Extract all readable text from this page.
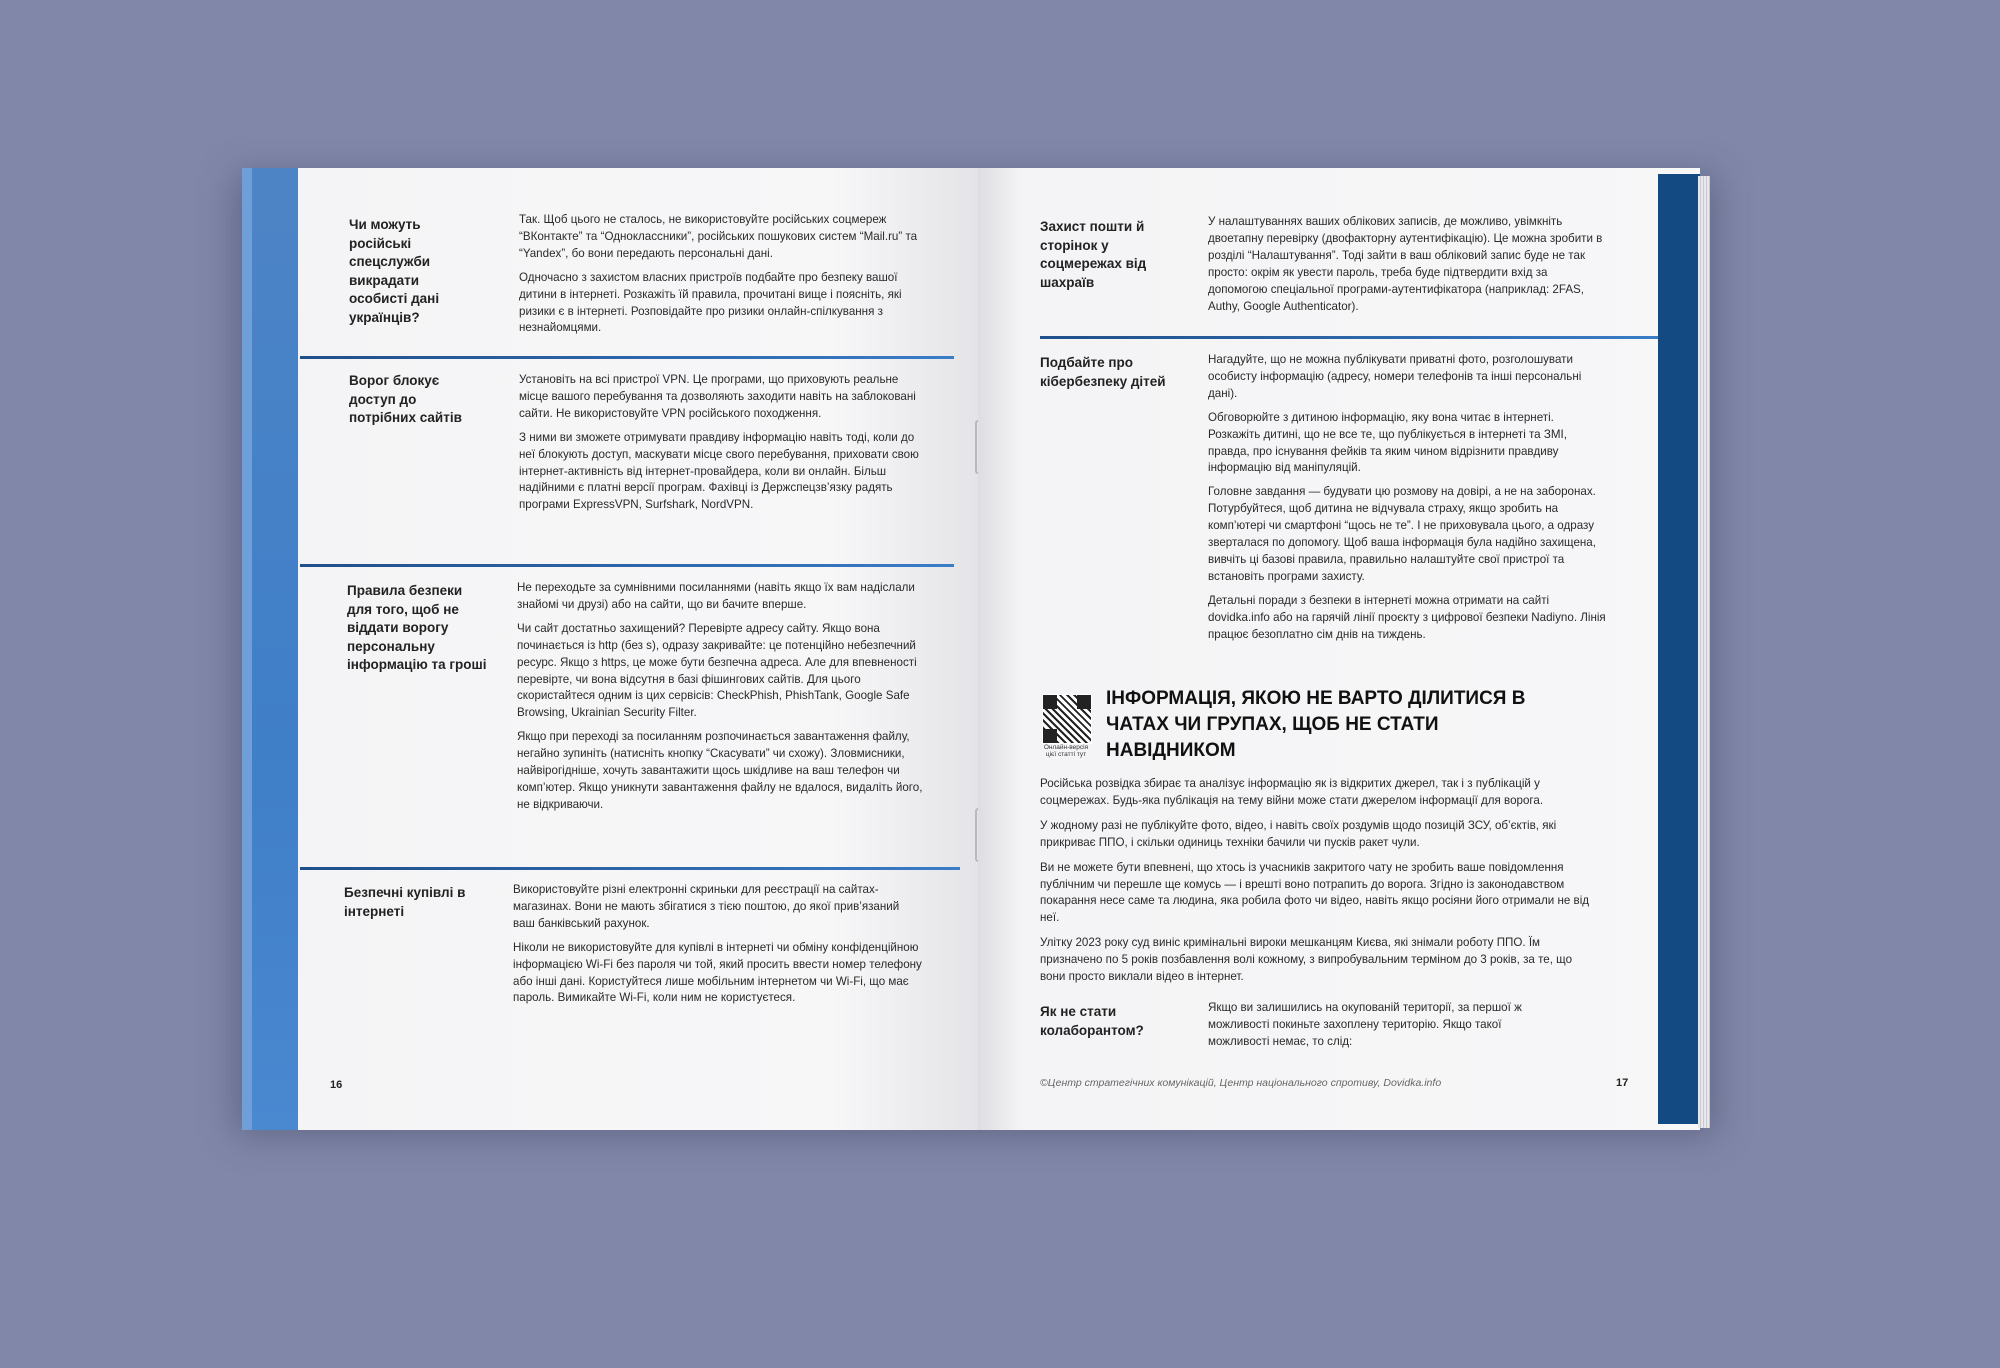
Чи можуть російські спецслужби викрадати особисті дані українців?

Так. Щоб цього не сталось, не використовуйте російських соцмереж “ВКонтакте” та “Одноклассники”, російських пошукових систем “Mail.ru” та “Yandex”, бо вони передають персональні дані.

Одночасно з захистом власних пристроїв подбайте про безпеку вашої дитини в інтернеті. Розкажіть їй правила, прочитані вище і поясніть, які ризики є в інтернеті. Розповідайте про ризики онлайн-спілкування з незнайомцями.

Ворог блокує доступ до потрібних сайтів

Установіть на всі пристрої VPN. Це програми, що приховують реальне місце вашого перебування та дозволяють заходити навіть на заблоковані сайти. Не використовуйте VPN російського походження.

З ними ви зможете отримувати правдиву інформацію навіть тоді, коли до неї блокують доступ, маскувати місце свого перебування, приховати свою інтернет-активність від інтернет-провайдера, коли ви онлайн. Більш надійними є платні версії програм. Фахівці із Держспецзв’язку радять програми ExpressVPN, Surfshark, NordVPN.

Правила безпеки для того, щоб не віддати ворогу персональну інформацію та гроші

Не переходьте за сумнівними посиланнями (навіть якщо їх вам надіслали знайомі чи друзі) або на сайти, що ви бачите вперше.

Чи сайт достатньо захищений? Перевірте адресу сайту. Якщо вона починається із http (без s), одразу закривайте: це потенційно небезпечний ресурс. Якщо з https, це може бути безпечна адреса. Але для впевненості перевірте, чи вона відсутня в базі фішингових сайтів. Для цього скористайтеся одним із цих сервісів: CheckPhish, PhishTank, Google Safe Browsing, Ukrainian Security Filter.

Якщо при переході за посиланням розпочинається завантаження файлу, негайно зупиніть (натисніть кнопку “Скасувати” чи схожу). Зловмисники, найвірогідніше, хочуть завантажити щось шкідливе на ваш телефон чи комп’ютер. Якщо уникнути завантаження файлу не вдалося, видаліть його, не відкриваючи.

Безпечні купівлі в інтернеті

Використовуйте різні електронні скриньки для реєстрації на сайтах-магазинах. Вони не мають збігатися з тією поштою, до якої прив’язаний ваш банківський рахунок.

Ніколи не використовуйте для купівлі в інтернеті чи обміну конфіденційною інформацією Wi-Fi без пароля чи той, який просить ввести номер телефону або інші дані. Користуйтеся лише мобільним інтернетом чи Wi-Fi, що має пароль. Вимикайте Wi-Fi, коли ним не користуєтеся.

16
Захист пошти й сторінок у соцмережах від шахраїв

У налаштуваннях ваших облікових записів, де можливо, увімкніть двоетапну перевірку (двофакторну аутентифікацію). Це можна зробити в розділі “Налаштування”. Тоді зайти в ваш обліковий запис буде не так просто: окрім як увести пароль, треба буде підтвердити вхід за допомогою спеціальної програми-аутентифікатора (наприклад: 2FAS, Authy, Google Authenticator).

Подбайте про кібербезпеку дітей

Нагадуйте, що не можна публікувати приватні фото, розголошувати особисту інформацію (адресу, номери телефонів та інші персональні дані).

Обговорюйте з дитиною інформацію, яку вона читає в інтернеті. Розкажіть дитині, що не все те, що публікується в інтернеті та ЗМІ, правда, про існування фейків та яким чином відрізнити правдиву інформацію від маніпуляцій.

Головне завдання — будувати цю розмову на довірі, а не на заборонах. Потурбуйтеся, щоб дитина не відчувала страху, якщо зробить на комп’ютері чи смартфоні “щось не те”. І не приховувала цього, а одразу зверталася по допомогу. Щоб ваша інформація була надійно захищена, вивчіть ці базові правила, правильно налаштуйте свої пристрої та встановіть програми захисту.

Детальні поради з безпеки в інтернеті можна отримати на сайті dovidka.info або на гарячій лінії проєкту з цифрової безпеки Nadiyno. Лінія працює безоплатно сім днів на тиждень.

Онлайн-версія цієї статті тут
ІНФОРМАЦІЯ, ЯКОЮ НЕ ВАРТО ДІЛИТИСЯ В ЧАТАХ ЧИ ГРУПАХ, ЩОБ НЕ СТАТИ НАВІДНИКОМ

Російська розвідка збирає та аналізує інформацію як із відкритих джерел, так і з публікацій у соцмережах. Будь-яка публікація на тему війни може стати джерелом інформації для ворога.

У жодному разі не публікуйте фото, відео, і навіть своїх роздумів щодо позицій ЗСУ, об’єктів, які прикриває ППО, і скільки одиниць техніки бачили чи пусків ракет чули.

Ви не можете бути впевнені, що хтось із учасників закритого чату не зробить ваше повідомлення публічним чи перешле ще комусь — і врешті воно потрапить до ворога. Згідно із законодавством покарання несе саме та людина, яка робила фото чи відео, навіть якщо росіяни його отримали не від неї.

Улітку 2023 року суд виніс кримінальні вироки мешканцям Києва, які знімали роботу ППО. Їм призначено по 5 років позбавлення волі кожному, з випробувальним терміном до 3 років, за те, що вони просто виклали відео в інтернет.

Як не стати колаборантом?

Якщо ви залишились на окупованій території, за першої ж можливості покиньте захоплену територію. Якщо такої можливості немає, то слід:

©Центр стратегічних комунікацій, Центр національного спротиву, Dovidka.info	17
